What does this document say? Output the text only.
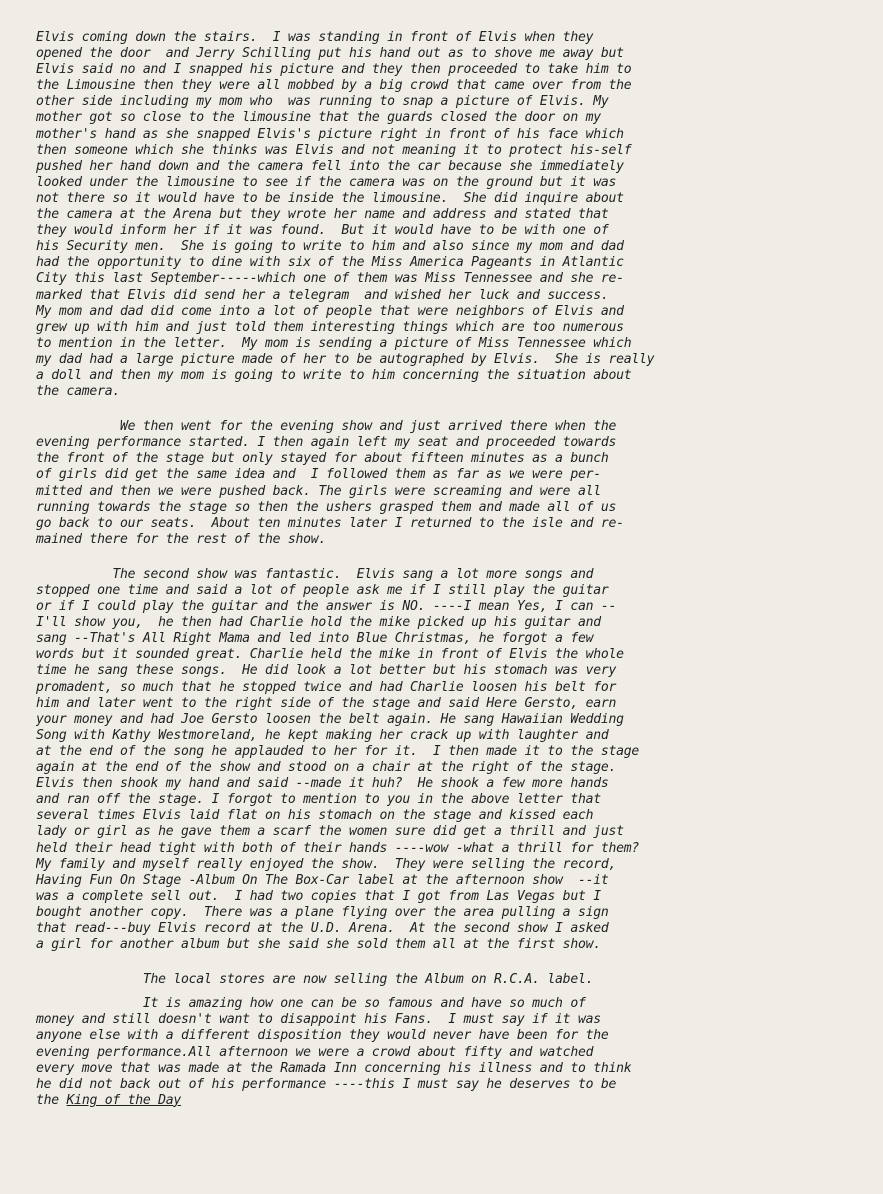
Elvis coming down the stairs.  I was standing in front of Elvis when they
opened the door  and Jerry Schilling put his hand out as to shove me away but
Elvis said no and I snapped his picture and they then proceeded to take him to
the Limousine then they were all mobbed by a big crowd that came over from the
other side including my mom who  was running to snap a picture of Elvis. My
mother got so close to the limousine that the guards closed the door on my
mother's hand as she snapped Elvis's picture right in front of his face which
then someone which she thinks was Elvis and not meaning it to protect his-self
pushed her hand down and the camera fell into the car because she immediately
looked under the limousine to see if the camera was on the ground but it was
not there so it would have to be inside the limousine.  She did inquire about
the camera at the Arena but they wrote her name and address and stated that
they would inform her if it was found.  But it would have to be with one of
his Security men.  She is going to write to him and also since my mom and dad
had the opportunity to dine with six of the Miss America Pageants in Atlantic
City this last September-----which one of them was Miss Tennessee and she re-
marked that Elvis did send her a telegram  and wished her luck and success.
My mom and dad did come into a lot of people that were neighbors of Elvis and
grew up with him and just told them interesting things which are too numerous
to mention in the letter.  My mom is sending a picture of Miss Tennessee which
my dad had a large picture made of her to be autographed by Elvis.  She is really
a doll and then my mom is going to write to him concerning the situation about
the camera.
We then went for the evening show and just arrived there when the
evening performance started. I then again left my seat and proceeded towards
the front of the stage but only stayed for about fifteen minutes as a bunch
of girls did get the same idea and  I followed them as far as we were per-
mitted and then we were pushed back. The girls were screaming and were all
running towards the stage so then the ushers grasped them and made all of us
go back to our seats.  About ten minutes later I returned to the isle and re-
mained there for the rest of the show.
The second show was fantastic.  Elvis sang a lot more songs and
stopped one time and said a lot of people ask me if I still play the guitar
or if I could play the guitar and the answer is NO. ----I mean Yes, I can --
I'll show you,  he then had Charlie hold the mike picked up his guitar and
sang --That's All Right Mama and led into Blue Christmas, he forgot a few
words but it sounded great. Charlie held the mike in front of Elvis the whole
time he sang these songs.  He did look a lot better but his stomach was very
promadent, so much that he stopped twice and had Charlie loosen his belt for
him and later went to the right side of the stage and said Here Gersto, earn
your money and had Joe Gersto loosen the belt again. He sang Hawaiian Wedding
Song with Kathy Westmoreland, he kept making her crack up with laughter and
at the end of the song he applauded to her for it.  I then made it to the stage
again at the end of the show and stood on a chair at the right of the stage.
Elvis then shook my hand and said --made it huh?  He shook a few more hands
and ran off the stage. I forgot to mention to you in the above letter that
several times Elvis laid flat on his stomach on the stage and kissed each
lady or girl as he gave them a scarf the women sure did get a thrill and just
held their head tight with both of their hands ----wow -what a thrill for them?
My family and myself really enjoyed the show.  They were selling the record,
Having Fun On Stage -Album On The Box-Car label at the afternoon show  --it
was a complete sell out.  I had two copies that I got from Las Vegas but I
bought another copy.  There was a plane flying over the area pulling a sign
that read---buy Elvis record at the U.D. Arena.  At the second show I asked
a girl for another album but she said she sold them all at the first show.
The local stores are now selling the Album on R.C.A. label.
It is amazing how one can be so famous and have so much of
money and still doesn't want to disappoint his Fans.  I must say if it was
anyone else with a different disposition they would never have been for the
evening performance.All afternoon we were a crowd about fifty and watched
every move that was made at the Ramada Inn concerning his illness and to think
he did not back out of his performance ----this I must say he deserves to be
the King of the Day
